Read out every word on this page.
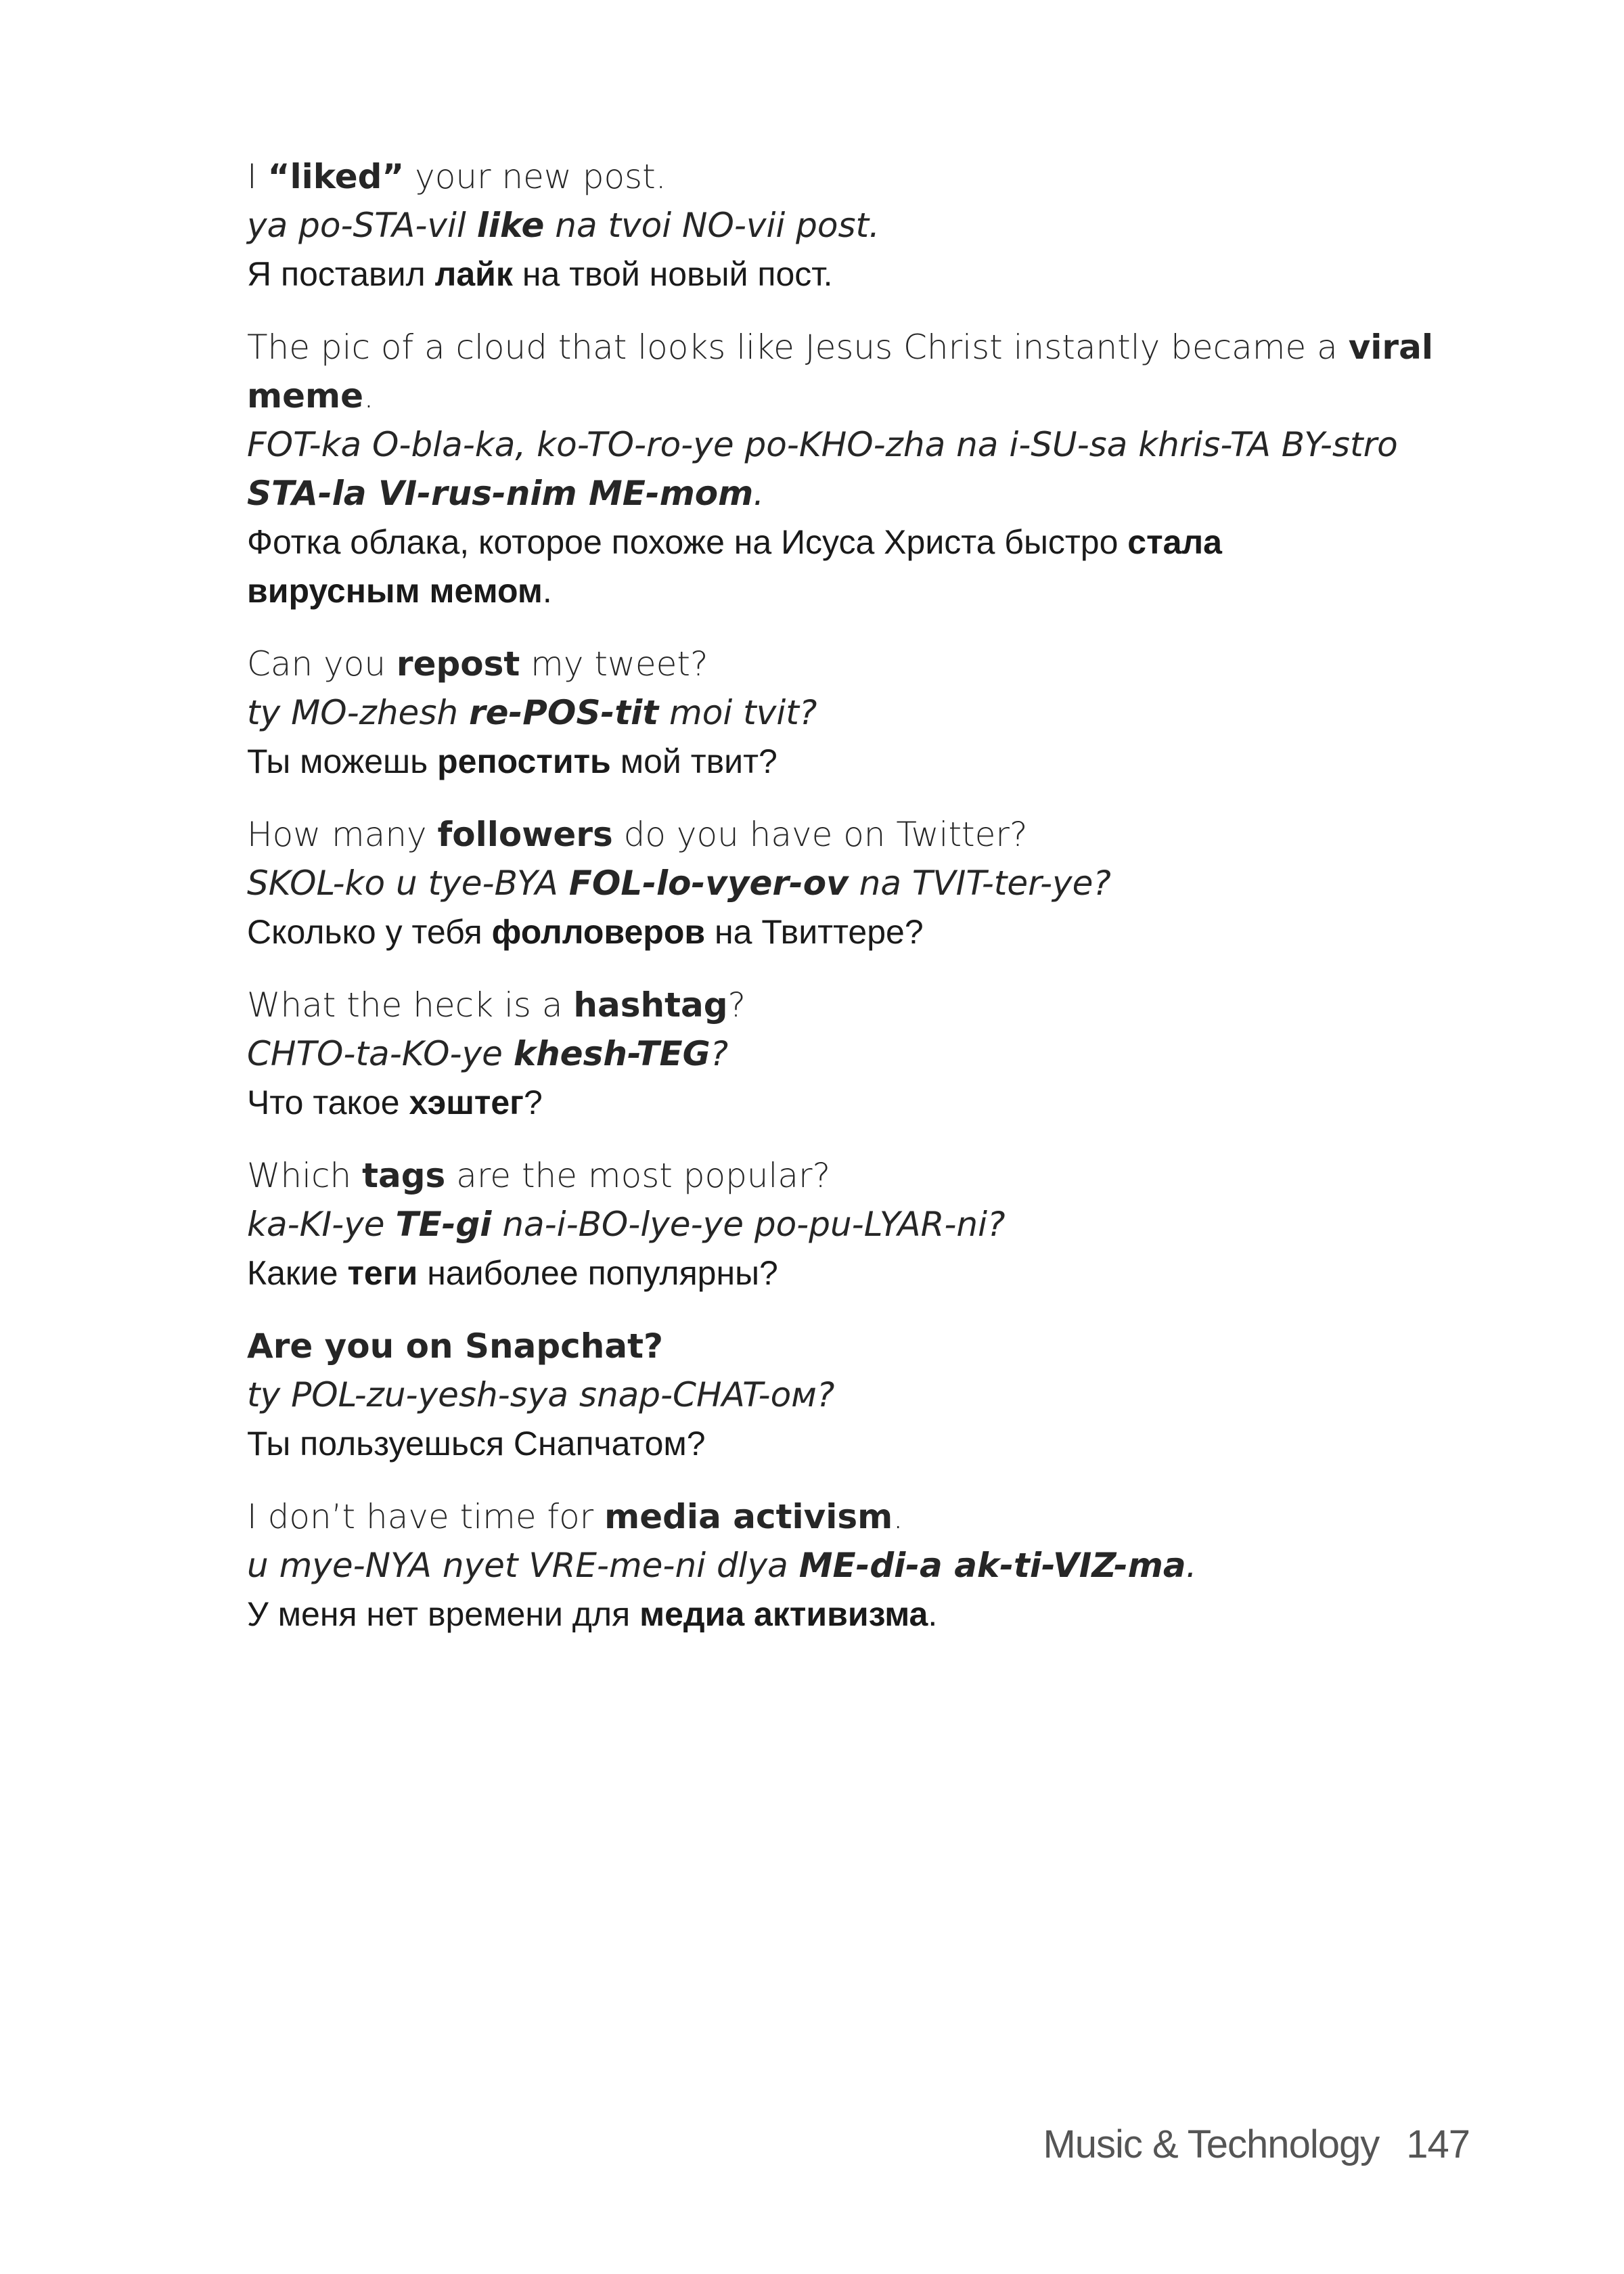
I “liked” your new post.

ya po-STA-vil like na tvoi NO-vii post.

Я поставил лайк на твой новый пост.

The pic of a cloud that looks like Jesus Christ instantly became a viral

meme.

FOT-ka O-bla-ka, ko-TO-ro-ye po-KHO-zha na i-SU-sa khris-TA BY-stro

STA-la VI-rus-nim ME-mom.

Фотка облака, которое похоже на Исуса Христа быстро стала

вирусным мемом.

Can you repost my tweet?

ty MO-zhesh re-POS-tit moi tvit?

Ты можешь репостить мой твит?

How many followers do you have on Twitter?

SKOL-ko u tye-BYA FOL-lo-vyer-ov na TVIT-ter-ye?

Сколько у тебя фолловеров на Твиттере?

What the heck is a hashtag?

CHTO-ta-KO-ye khesh-TEG?

Что такое хэштег?

Which tags are the most popular?

ka-KI-ye TE-gi na-i-BO-lye-ye po-pu-LYAR-ni?

Какие теги наиболее популярны?

Are you on Snapchat?

ty POL-zu-yesh-sya snap-CHAT-ом?

Ты пользуешься Снапчатом?

I don’t have time for media activism.

u mye-NYA nyet VRE-me-ni dlya ME-di-a ak-ti-VIZ-ma.

У меня нет времени для медиа активизма.

Music & Technology 147
